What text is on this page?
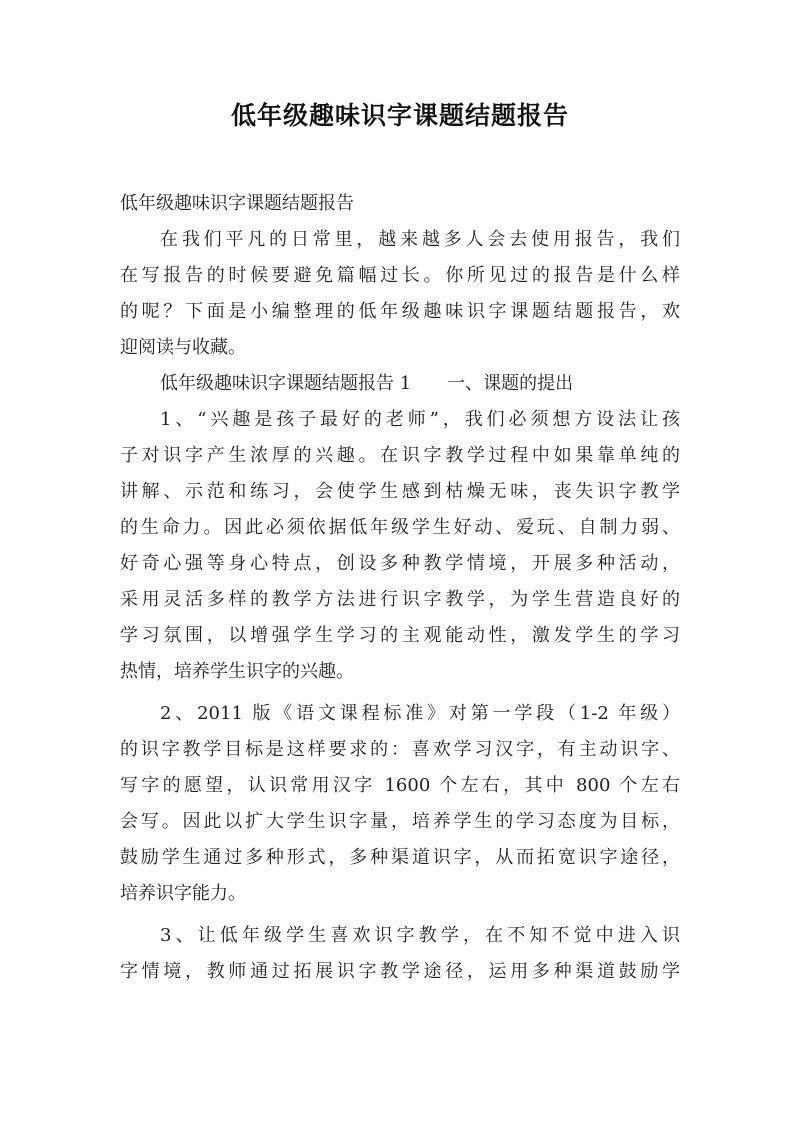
低年级趣味识字课题结题报告
低年级趣味识字课题结题报告
在我们平凡的日常里，越来越多人会去使用报告，我们
在写报告的时候要避免篇幅过长。你所见过的报告是什么样
的呢？下面是小编整理的低年级趣味识字课题结题报告，欢
迎阅读与收藏。
低年级趣味识字课题结题报告 1　　一、课题的提出
1、“兴趣是孩子最好的老师”，我们必须想方设法让孩
子对识字产生浓厚的兴趣。在识字教学过程中如果靠单纯的
讲解、示范和练习，会使学生感到枯燥无味，丧失识字教学
的生命力。因此必须依据低年级学生好动、爱玩、自制力弱、
好奇心强等身心特点，创设多种教学情境，开展多种活动，
采用灵活多样的教学方法进行识字教学，为学生营造良好的
学习氛围，以增强学生学习的主观能动性，激发学生的学习
热情，培养学生识字的兴趣。
2、2011 版《语文课程标准》对第一学段（1-2 年级）
的识字教学目标是这样要求的：喜欢学习汉字，有主动识字、
写字的愿望，认识常用汉字 1600 个左右，其中 800 个左右
会写。因此以扩大学生识字量，培养学生的学习态度为目标，
鼓励学生通过多种形式，多种渠道识字，从而拓宽识字途径，
培养识字能力。
3、让低年级学生喜欢识字教学，在不知不觉中进入识
字情境，教师通过拓展识字教学途径，运用多种渠道鼓励学
